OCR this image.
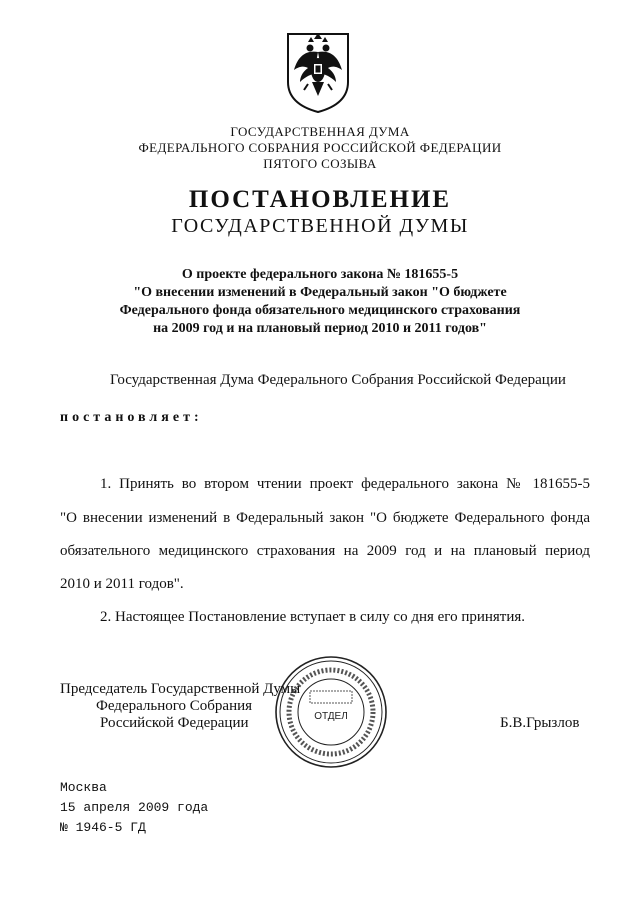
ГОСУДАРСТВЕННАЯ ДУМА
ФЕДЕРАЛЬНОГО СОБРАНИЯ РОССИЙСКОЙ ФЕДЕРАЦИИ
ПЯТОГО СОЗЫВА
ПОСТАНОВЛЕНИЕ
ГОСУДАРСТВЕННОЙ ДУМЫ
О проекте федерального закона № 181655-5
"О внесении изменений в Федеральный закон "О бюджете
Федерального фонда обязательного медицинского страхования
на 2009 год и на плановый период 2010 и 2011 годов"
Государственная Дума Федерального Собрания Российской Федерации
постановляет:
1. Принять во втором чтении проект федерального закона № 181655-5
"О внесении изменений в Федеральный закон "О бюджете Федерального фонда
обязательного медицинского страхования на 2009 год и на плановый период
2010 и 2011 годов".
2. Настоящее Постановление вступает в силу со дня его принятия.
ОТДЕЛ
Председатель Государственной Думы
Федерального Собрания
Российской Федерации	Б.В.Грызлов
Москва
15 апреля 2009 года
№ 1946-5 ГД
